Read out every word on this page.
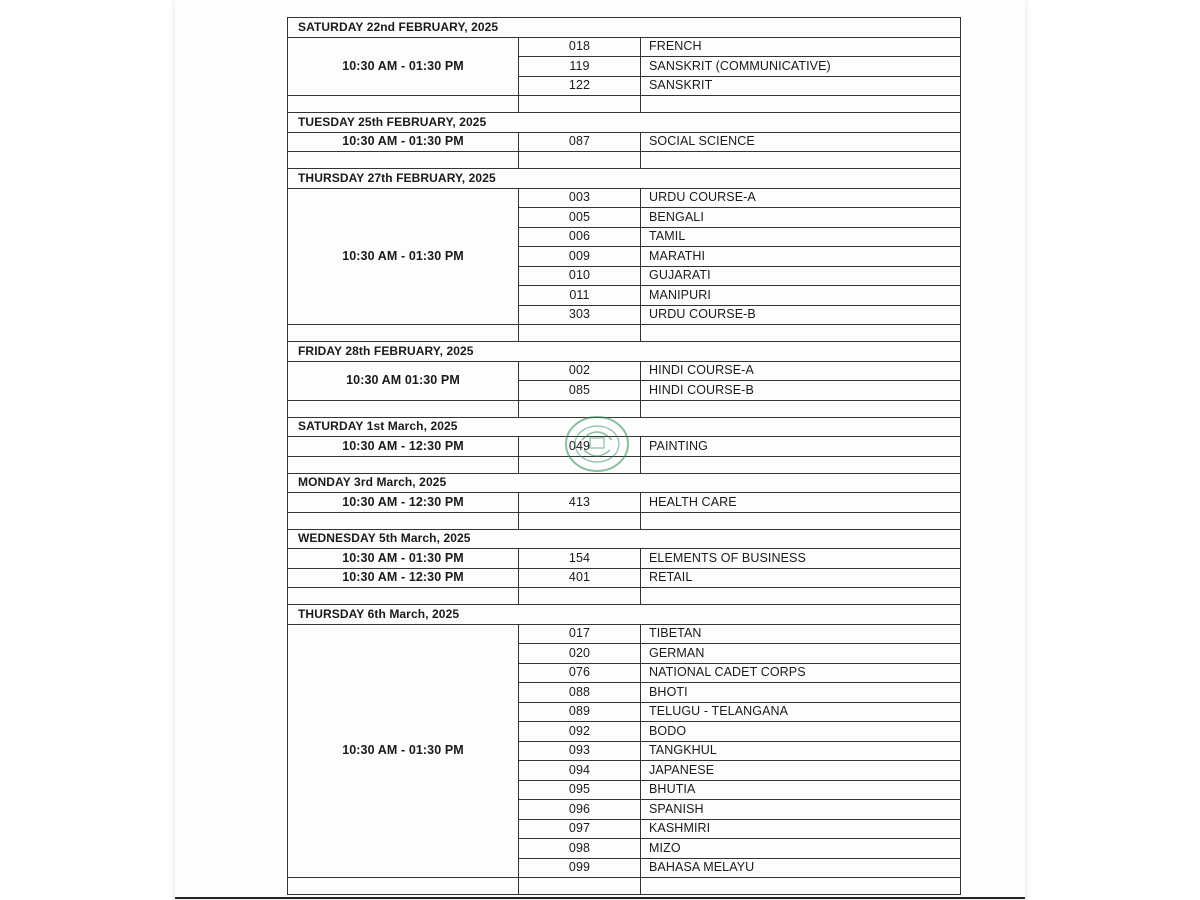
SATURDAY 22nd FEBRUARY, 2025		
10:30 AM - 01:30 PM	018	FRENCH
	119	SANSKRIT (COMMUNICATIVE)
	122	SANSKRIT

TUESDAY 25th FEBRUARY, 2025		
10:30 AM - 01:30 PM	087	SOCIAL SCIENCE

THURSDAY 27th FEBRUARY, 2025		
10:30 AM - 01:30 PM	003	URDU COURSE-A
	005	BENGALI
	006	TAMIL
	009	MARATHI
	010	GUJARATI
	011	MANIPURI
	303	URDU COURSE-B

FRIDAY 28th FEBRUARY, 2025		
10:30 AM 01:30 PM	002	HINDI COURSE-A
	085	HINDI COURSE-B

SATURDAY 1st March, 2025		
10:30 AM - 12:30 PM	049	PAINTING

MONDAY 3rd March, 2025		
10:30 AM - 12:30 PM	413	HEALTH CARE

WEDNESDAY 5th March, 2025		
10:30 AM - 01:30 PM	154	ELEMENTS OF BUSINESS
10:30 AM - 12:30 PM	401	RETAIL

THURSDAY 6th March, 2025		
10:30 AM - 01:30 PM	017	TIBETAN
	020	GERMAN
	076	NATIONAL CADET CORPS
	088	BHOTI
	089	TELUGU - TELANGANA
	092	BODO
	093	TANGKHUL
	094	JAPANESE
	095	BHUTIA
	096	SPANISH
	097	KASHMIRI
	098	MIZO
	099	BAHASA MELAYU
